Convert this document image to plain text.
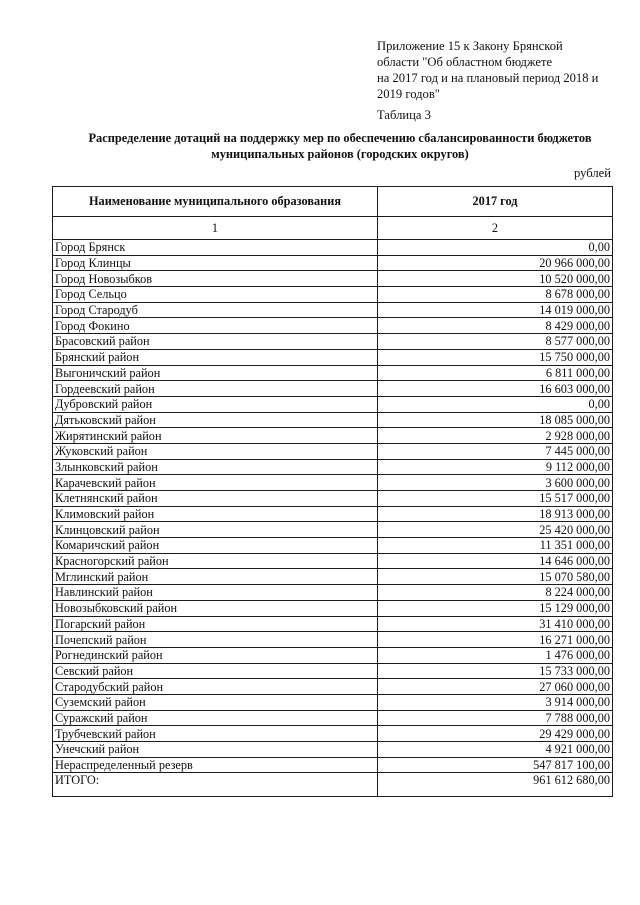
Приложение 15 к Закону Брянской
области "Об областном бюджете
на 2017 год и на плановый период 2018 и
2019 годов"
Таблица 3
Распределение дотаций на поддержку мер по обеспечению сбалансированности бюджетов
муниципальных районов (городских округов)
рублей
Наименование муниципального образования	2017 год
1	2
Город Брянск	0,00
Город Клинцы	20 966 000,00
Город Новозыбков	10 520 000,00
Город Сельцо	8 678 000,00
Город Стародуб	14 019 000,00
Город Фокино	8 429 000,00
Брасовский район	8 577 000,00
Брянский район	15 750 000,00
Выгоничский район	6 811 000,00
Гордеевский район	16 603 000,00
Дубровский район	0,00
Дятьковский район	18 085 000,00
Жирятинский район	2 928 000,00
Жуковский район	7 445 000,00
Злынковский район	9 112 000,00
Карачевский район	3 600 000,00
Клетнянский район	15 517 000,00
Климовский район	18 913 000,00
Клинцовский район	25 420 000,00
Комаричский район	11 351 000,00
Красногорский район	14 646 000,00
Мглинский район	15 070 580,00
Навлинский район	8 224 000,00
Новозыбковский район	15 129 000,00
Погарский район	31 410 000,00
Почепский район	16 271 000,00
Рогнединский район	1 476 000,00
Севский район	15 733 000,00
Стародубский район	27 060 000,00
Суземский район	3 914 000,00
Суражский район	7 788 000,00
Трубчевский район	29 429 000,00
Унечский район	4 921 000,00
Нераспределенный резерв	547 817 100,00
ИТОГО:	961 612 680,00
